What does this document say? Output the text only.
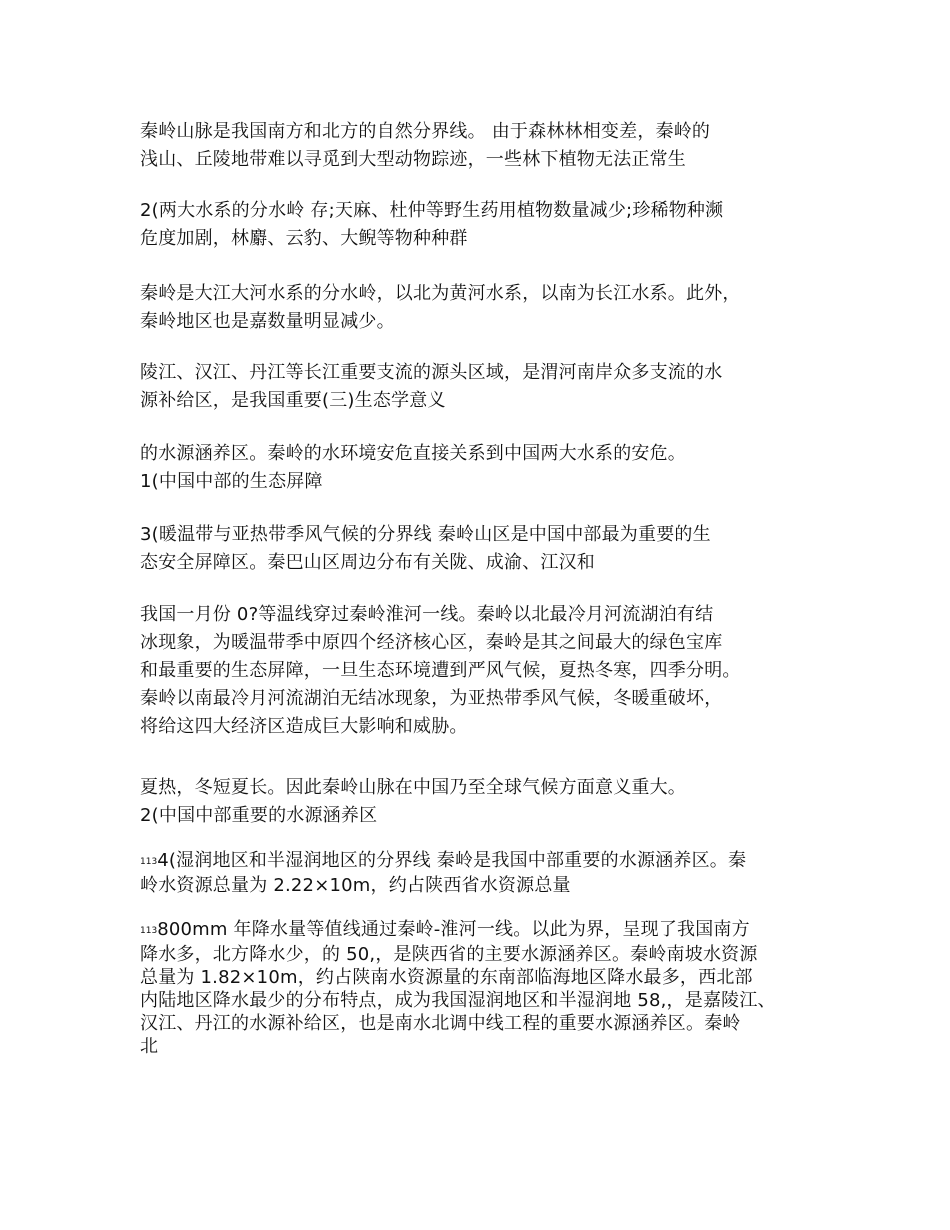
秦岭山脉是我国南方和北方的自然分界线。 由于森林林相变差，秦岭的
浅山、丘陵地带难以寻觅到大型动物踪迹，一些林下植物无法正常生
2(两大水系的分水岭 存;天麻、杜仲等野生药用植物数量减少;珍稀物种濒
危度加剧，林麝、云豹、大鲵等物种种群
秦岭是大江大河水系的分水岭，以北为黄河水系，以南为长江水系。此外，
秦岭地区也是嘉数量明显减少。
陵江、汉江、丹江等长江重要支流的源头区域，是渭河南岸众多支流的水
源补给区，是我国重要(三)生态学意义
的水源涵养区。秦岭的水环境安危直接关系到中国两大水系的安危。
1(中国中部的生态屏障
3(暖温带与亚热带季风气候的分界线 秦岭山区是中国中部最为重要的生
态安全屏障区。秦巴山区周边分布有关陇、成渝、江汉和
我国一月份 0?等温线穿过秦岭淮河一线。秦岭以北最冷月河流湖泊有结
冰现象，为暖温带季中原四个经济核心区，秦岭是其之间最大的绿色宝库
和最重要的生态屏障，一旦生态环境遭到严风气候，夏热冬寒，四季分明。
秦岭以南最冷月河流湖泊无结冰现象，为亚热带季风气候，冬暖重破坏，
将给这四大经济区造成巨大影响和威胁。
夏热，冬短夏长。因此秦岭山脉在中国乃至全球气候方面意义重大。
2(中国中部重要的水源涵养区
$^{113}$4(湿润地区和半湿润地区的分界线 秦岭是我国中部重要的水源涵养区。秦
岭水资源总量为 2.22×10m，约占陕西省水资源总量
$^{113}$800mm 年降水量等值线通过秦岭-淮河一线。以此为界，呈现了我国南方
降水多，北方降水少，的 50,，是陕西省的主要水源涵养区。秦岭南坡水资源
总量为 1.82×10m，约占陕南水资源量的东南部临海地区降水最多，西北部
内陆地区降水最少的分布特点，成为我国湿润地区和半湿润地 58,，是嘉陵江、
汉江、丹江的水源补给区，也是南水北调中线工程的重要水源涵养区。秦岭
北
